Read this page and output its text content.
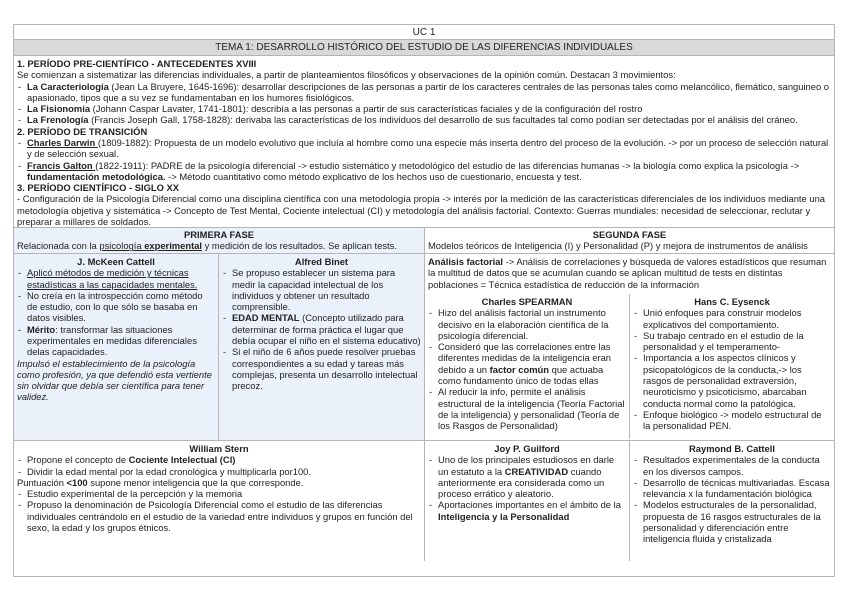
UC 1
TEMA 1: DESARROLLO HISTÓRICO DEL ESTUDIO DE LAS DIFERENCIAS INDIVIDUALES
1. PERÍODO PRE-CIENTÍFICO - ANTECEDENTES XVIII
Se comienzan a sistematizar las diferencias individuales, a partir de planteamientos filosóficos y observaciones de la opinión común. Destacan 3 movimientos:
- La Caracteriología (Jean La Bruyere, 1645-1696): desarrollar descripciones de las personas a partir de los caracteres centrales de las personas tales como melancólico, flemático, sanguineo o apasionado, tipos que a su vez se fundamentaban en los humores fisiológicos.
- La Fisionomía (Johann Caspar Lavater, 1741-1801): describía a las personas a partir de sus características faciales y de la configuración del rostro
- La Frenología (Francis Joseph Gall, 1758-1828): derivaba las características de los individuos del desarrollo de sus facultades tal como podían ser detectadas por el análisis del cráneo.
2. PERÍODO DE TRANSICIÓN
- Charles Darwin (1809-1882): Propuesta de un modelo evolutivo que incluía al hombre como una especie más inserta dentro del proceso de la evolución. -> por un proceso de selección natural y de selección sexual.
- Francis Galton (1822-1911): PADRE de la psicología diferencial -> estudio sistemático y metodológico del estudio de las diferencias humanas -> la biología como explica la psicología -> fundamentación metodológica. -> Método cuantitativo como método explicativo de los hechos uso de cuestionario, encuesta y test.
3. PERÍODO CIENTÍFICO - SIGLO XX
- Configuración de la Psicología Diferencial como una disciplina científica con una metodología propia -> interés por la medición de las características diferenciales de los individuos mediante una metodología objetiva y sistemática -> Concepto de Test Mental, Cociente intelectual (CI) y metodología del análisis factorial. Contexto: Guerras mundiales: necesidad de seleccionar, reclutar y preparar a millares de soldados.
PRIMERA FASE
Relacionada con la psicología experimental y medición de los resultados. Se aplican tests.
J. McKeen Cattell
- Aplicó métodos de medición y técnicas estadísticas a las capacidades mentales.
- No creía en la introspección como método de estudio, con lo que sólo se basaba en datos visibles.
- Mérito: transformar las situaciones experimentales en medidas diferenciales delas capacidades.
Impulsó el establecimiento de la psicología como profesión, ya que defendió esta vertiente sin olvidar que debía ser científica para tener validez.
Alfred Binet
- Se propuso establecer un sistema para medir la capacidad intelectual de los individuos y obtener un resultado comprensible.
- EDAD MENTAL (Concepto utilizado para determinar de forma práctica el lugar que debía ocupar el niño en el sistema educativo)
- Si el niño de 6 años puede resolver pruebas correspondientes a su edad y tareas más complejas, presenta un desarrollo intelectual precoz.
William Stern
- Propone el concepto de Cociente Intelectual (CI)
- Dividir la edad mental por la edad cronológica y multiplicarla por100.
Puntuación <100 supone menor inteligencia que la que corresponde.
- Estudio experimental de la percepción y la memoria
- Propuso la denominación de Psicología Diferencial como el estudio de las diferencias individuales centrándolo en el estudio de la variedad entre individuos y grupos en función del sexo, la edad y los grupos étnicos.
SEGUNDA FASE
Modelos teóricos de Inteligencia (I) y Personalidad (P) y mejora de instrumentos de análisis
Análisis factorial -> Análisis de correlaciones y búsqueda de valores estadísticos que resuman la multitud de datos que se acumulan cuando se aplican multitud de tests en distintas poblaciones = Técnica estadística de reducción de la información
Charles SPEARMAN
- Hizo del análisis factorial un instrumento decisivo en la elaboración científica de la psicología diferencial.
- Consideró que las correlaciones entre las diferentes medidas de la inteligencia eran debido a un factor común que actuaba como fundamento único de todas ellas
- Al reducir la info, permite el análisis estructural de la inteligencia (Teoría Factorial de la inteligencia) y personalidad (Teoría de los Rasgos de Personalidad)
Hans C. Eysenck
- Unió enfoques para construir modelos explicativos del comportamiento.
- Su trabajo centrado en el estudio de la personalidad y el temperamento-
- Importancia a los aspectos clínicos y psicopatológicos de la conducta,-> los rasgos de personalidad extraversión, neuroticismo y psicoticismo, abarcaban conducta normal como la patológica.
- Enfoque biológico -> modelo estructural de la personalidad PEN.
Joy P. Guilford
- Uno de los principales estudiosos en darle un estatuto a la CREATIVIDAD cuando anteriormente era considerada como un proceso errático y aleatorio.
- Aportaciones importantes en el ámbito de la Inteligencia y la Personalidad
Raymond B. Cattell
- Resultados experimentales de la conducta en los diversos campos.
- Desarrollo de técnicas multivariadas. Escasa relevancia x la fundamentación biológica
- Modelos estructurales de la personalidad, propuesta de 16 rasgos estructurales de la personalidad y diferenciación entre inteligencia fluida y cristalizada
